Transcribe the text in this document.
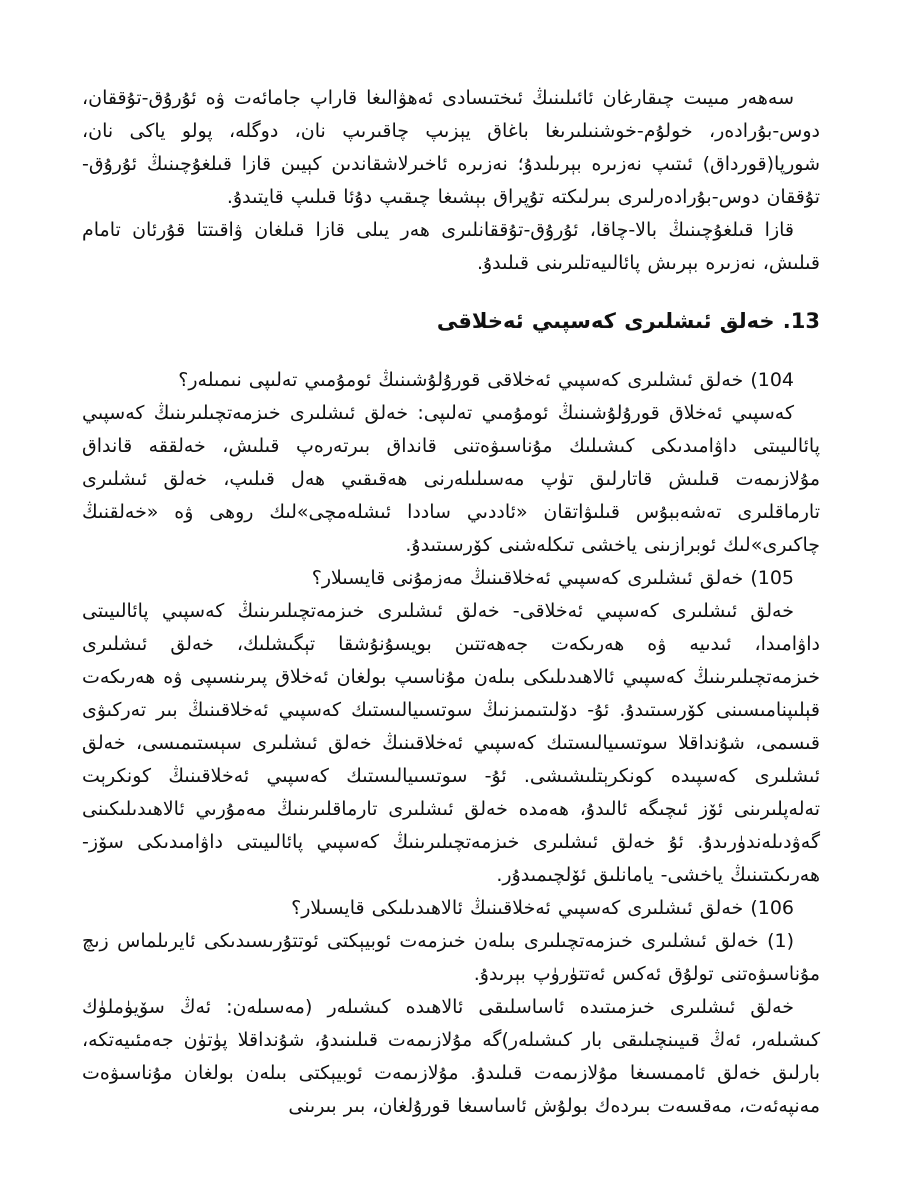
سەھەر مىيىت چىقارغان ئائىلىنىڭ ئىختىسادى ئەھۋالىغا قاراپ جامائەت ۋە ئۇرۇق-تۇققان، دوس-بۇرادەر، خولۇم-خوشنىلىرىغا باغاق يېزىپ چاقىرىپ نان، دوگلە، پولو ياكى نان، شورپا(قورداق) ئىتىپ نەزىرە بېرىلىدۇ؛ نەزىرە ئاخىرلاشقاندىن كېيىن قازا قىلغۇچىنىڭ ئۇرۇق-تۇققان دوس-بۇرادەرلىرى بىرلىكتە تۇپراق بېشىغا چىقىپ دۇئا قىلىپ قايتىدۇ.

قازا قىلغۇچىنىڭ بالا-چاقا، ئۇرۇق-تۇققانلىرى ھەر يىلى قازا قىلغان ۋاقىتتا قۇرئان تامام قىلىش، نەزىرە بېرىش پائالىيەتلىرىنى قىلىدۇ.

13. خەلق ئىشلىرى كەسپىي ئەخلاقى

104) خەلق ئىشلىرى كەسپىي ئەخلاقى قورۇلۇشىنىڭ ئومۇمىي تەلىپى نىمىلەر؟

كەسپىي ئەخلاق قورۇلۇشىنىڭ ئومۇمىي تەلىپى: خەلق ئىشلىرى خىزمەتچىلىرىنىڭ كەسپىي پائالىيىتى داۋامىدىكى كىشىلىك مۇناسىۋەتنى قانداق بىرتەرەپ قىلىش، خەلققە قانداق مۇلازىمەت قىلىش قاتارلىق تۈپ مەسىلىلەرنى ھەقىقىي ھەل قىلىپ، خەلق ئىشلىرى تارماقلىرى تەشەببۇس قىلىۋاتقان «ئاددىي ساددا ئىشلەمچى»لىك روھى ۋە «خەلقنىڭ چاكىرى»لىك ئوبرازىنى ياخشى تىكلەشنى كۆرسىتىدۇ.

105) خەلق ئىشلىرى كەسپىي ئەخلاقىنىڭ مەزمۇنى قايسىلار؟

خەلق ئىشلىرى كەسپىي ئەخلاقى- خەلق ئىشلىرى خىزمەتچىلىرىنىڭ كەسپىي پائالىيىتى داۋامىدا، ئىدىيە ۋە ھەرىكەت جەھەتتىن بويسۇنۇشقا تېگىشلىك، خەلق ئىشلىرى خىزمەتچىلىرىنىڭ كەسپىي ئالاھىدىلىكى بىلەن مۇناسىپ بولغان ئەخلاق پىرىنسىپى ۋە ھەرىكەت قېلىپنامىسىنى كۆرسىتىدۇ. ئۇ- دۆلىتىمىزنىڭ سوتسىيالىستىك كەسپىي ئەخلاقىنىڭ بىر تەركىۋى قىسمى، شۇنداقلا سوتسىيالىستىك كەسپىي ئەخلاقىنىڭ خەلق ئىشلىرى سېستىمىسى، خەلق ئىشلىرى كەسپىدە كونكرېتلىشىشى. ئۇ- سوتسىيالىستىك كەسپىي ئەخلاقىنىڭ كونكرېت تەلەپلىرىنى ئۆز ئىچىگە ئالىدۇ، ھەمدە خەلق ئىشلىرى تارماقلىرىنىڭ مەمۇرىي ئالاھىدىلىكىنى گەۋدىلەندۈرىدۇ. ئۇ خەلق ئىشلىرى خىزمەتچىلىرىنىڭ كەسپىي پائالىيىتى داۋامىدىكى سۆز- ھەرىكىتىنىڭ ياخشى- يامانلىق ئۆلچىمىدۇر.

106) خەلق ئىشلىرى كەسپىي ئەخلاقىنىڭ ئالاھىدىلىكى قايسىلار؟

(1) خەلق ئىشلىرى خىزمەتچىلىرى بىلەن خىزمەت ئوبيېكتى ئوتتۇرىسىدىكى ئايرىلماس زىچ مۇناسىۋەتنى تولۇق ئەكس ئەتتۈرۈپ بېرىدۇ.

خەلق ئىشلىرى خىزمىتىدە ئاساسلىقى ئالاھىدە كىشىلەر (مەسىلەن: ئەڭ سۆيۈملۈك كىشىلەر، ئەڭ قىيىنچىلىقى بار كىشىلەر)گە مۇلازىمەت قىلىنىدۇ، شۇنداقلا پۈتۈن جەمئىيەتكە، بارلىق خەلق ئاممىسىغا مۇلازىمەت قىلىدۇ. مۇلازىمەت ئوبيېكتى بىلەن بولغان مۇناسىۋەت مەنپەئەت، مەقسەت بىردەك بولۇش ئاساسىغا قورۇلغان، بىر بىرىنى
